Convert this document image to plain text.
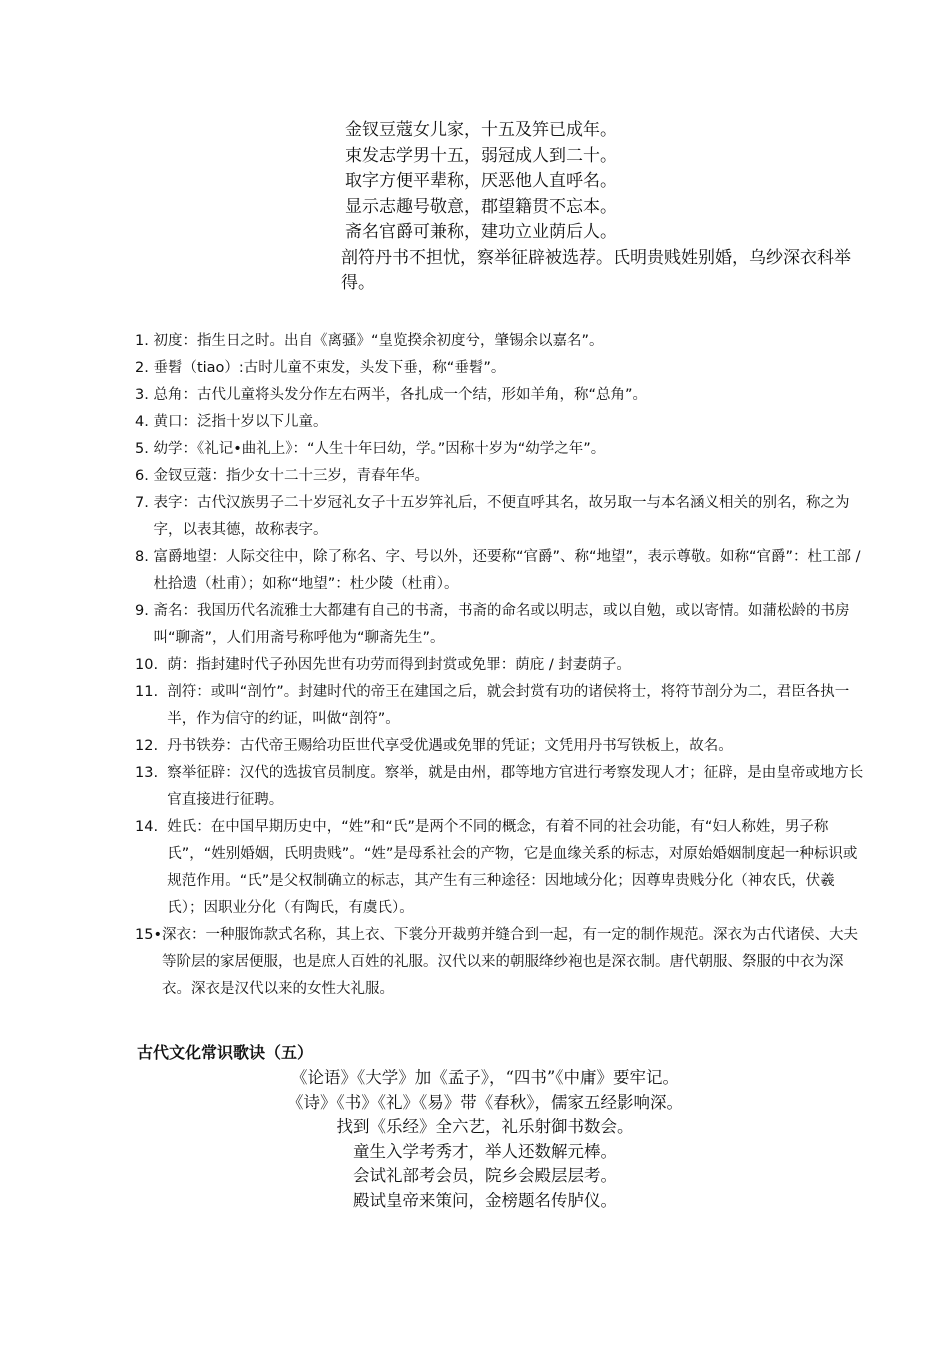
金钗豆蔻女儿家，十五及笄已成年。
束发志学男十五，弱冠成人到二十。
取字方便平辈称，厌恶他人直呼名。
显示志趣号敬意，郡望籍贯不忘本。
斋名官爵可兼称，建功立业荫后人。
剖符丹书不担忧，察举征辟被选荐。氏明贵贱姓别婚，乌纱深衣科举得。
1. 初度：指生日之时。出自《离骚》“皇览揆余初度兮，肇锡余以嘉名”。
2. 垂髫（tiao）:古时儿童不束发，头发下垂，称“垂髫”。
3. 总角：古代儿童将头发分作左右两半，各扎成一个结，形如羊角，称“总角”。
4. 黄口：泛指十岁以下儿童。
5. 幼学：《礼记•曲礼上》：“人生十年曰幼，学。”因称十岁为“幼学之年”。
6. 金钗豆蔻：指少女十二十三岁，青春年华。
7. 表字：古代汉族男子二十岁冠礼女子十五岁笄礼后，不便直呼其名，故另取一与本名涵义相关的别名，称之为字，以表其德，故称表字。
8. 富爵地望：人际交往中，除了称名、字、号以外，还要称“官爵”、称“地望”，表示尊敬。如称“官爵”：杜工部 / 杜拾遗（杜甫）；如称“地望”：杜少陵（杜甫）。
9. 斋名：我国历代名流雅士大都建有自己的书斋，书斋的命名或以明志，或以自勉，或以寄情。如蒲松龄的书房叫“聊斋”，人们用斋号称呼他为“聊斋先生”。
10. 荫：指封建时代子孙因先世有功劳而得到封赏或免罪：荫庇 / 封妻荫子。
11. 剖符：或叫“剖竹”。封建时代的帝王在建国之后，就会封赏有功的诸侯将士，将符节剖分为二，君臣各执一半，作为信守的约证，叫做“剖符”。
12. 丹书铁券：古代帝王赐给功臣世代享受优遇或免罪的凭证；文凭用丹书写铁板上，故名。
13. 察举征辟：汉代的选拔官员制度。察举，就是由州，郡等地方官进行考察发现人才；征辟，是由皇帝或地方长官直接进行征聘。
14. 姓氏：在中国早期历史中，“姓”和“氏”是两个不同的概念，有着不同的社会功能，有“妇人称姓，男子称氏”，“姓别婚姻，氏明贵贱”。“姓”是母系社会的产物，它是血缘关系的标志，对原始婚姻制度起一种标识或规范作用。“氏”是父权制确立的标志，其产生有三种途径：因地域分化；因尊卑贵贱分化（神农氏，伏羲氏）；因职业分化（有陶氏，有虞氏）。
15• 深衣：一种服饰款式名称，其上衣、下裳分开裁剪并缝合到一起，有一定的制作规范。深衣为古代诸侯、大夫等阶层的家居便服，也是庶人百姓的礼服。汉代以来的朝服绛纱袍也是深衣制。唐代朝服、祭服的中衣为深衣。深衣是汉代以来的女性大礼服。
古代文化常识歌诀（五）
《论语》《大学》加《孟子》，“四书”《中庸》要牢记。
《诗》《书》《礼》《易》带《春秋》，儒家五经影响深。
找到《乐经》全六艺，礼乐射御书数会。
童生入学考秀才，举人还数解元棒。
会试礼部考会员，院乡会殿层层考。
殿试皇帝来策问，金榜题名传胪仪。
